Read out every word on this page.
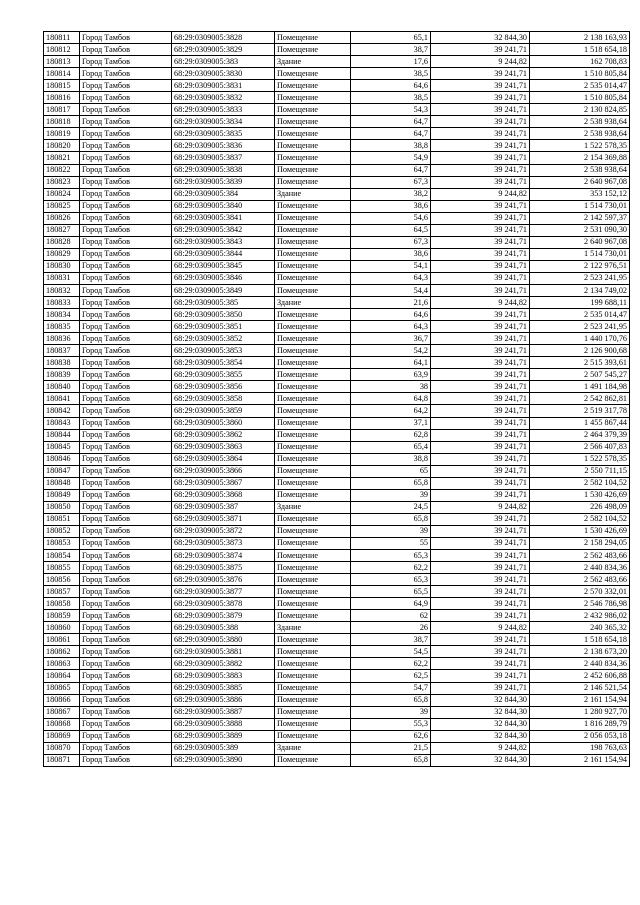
180811	Город Тамбов	68:29:0309005:3828	Помещение	65,1	32 844,30	2 138 163,93
180812	Город Тамбов	68:29:0309005:3829	Помещение	38,7	39 241,71	1 518 654,18
180813	Город Тамбов	68:29:0309005:383	Здание	17,6	9 244,82	162 708,83
180814	Город Тамбов	68:29:0309005:3830	Помещение	38,5	39 241,71	1 510 805,84
180815	Город Тамбов	68:29:0309005:3831	Помещение	64,6	39 241,71	2 535 014,47
180816	Город Тамбов	68:29:0309005:3832	Помещение	38,5	39 241,71	1 510 805,84
180817	Город Тамбов	68:29:0309005:3833	Помещение	54,3	39 241,71	2 130 824,85
180818	Город Тамбов	68:29:0309005:3834	Помещение	64,7	39 241,71	2 538 938,64
180819	Город Тамбов	68:29:0309005:3835	Помещение	64,7	39 241,71	2 538 938,64
180820	Город Тамбов	68:29:0309005:3836	Помещение	38,8	39 241,71	1 522 578,35
180821	Город Тамбов	68:29:0309005:3837	Помещение	54,9	39 241,71	2 154 369,88
180822	Город Тамбов	68:29:0309005:3838	Помещение	64,7	39 241,71	2 538 938,64
180823	Город Тамбов	68:29:0309005:3839	Помещение	67,3	39 241,71	2 640 967,08
180824	Город Тамбов	68:29:0309005:384	Здание	38,2	9 244,82	353 152,12
180825	Город Тамбов	68:29:0309005:3840	Помещение	38,6	39 241,71	1 514 730,01
180826	Город Тамбов	68:29:0309005:3841	Помещение	54,6	39 241,71	2 142 597,37
180827	Город Тамбов	68:29:0309005:3842	Помещение	64,5	39 241,71	2 531 090,30
180828	Город Тамбов	68:29:0309005:3843	Помещение	67,3	39 241,71	2 640 967,08
180829	Город Тамбов	68:29:0309005:3844	Помещение	38,6	39 241,71	1 514 730,01
180830	Город Тамбов	68:29:0309005:3845	Помещение	54,1	39 241,71	2 122 976,51
180831	Город Тамбов	68:29:0309005:3846	Помещение	64,3	39 241,71	2 523 241,95
180832	Город Тамбов	68:29:0309005:3849	Помещение	54,4	39 241,71	2 134 749,02
180833	Город Тамбов	68:29:0309005:385	Здание	21,6	9 244,82	199 688,11
180834	Город Тамбов	68:29:0309005:3850	Помещение	64,6	39 241,71	2 535 014,47
180835	Город Тамбов	68:29:0309005:3851	Помещение	64,3	39 241,71	2 523 241,95
180836	Город Тамбов	68:29:0309005:3852	Помещение	36,7	39 241,71	1 440 170,76
180837	Город Тамбов	68:29:0309005:3853	Помещение	54,2	39 241,71	2 126 900,68
180838	Город Тамбов	68:29:0309005:3854	Помещение	64,1	39 241,71	2 515 393,61
180839	Город Тамбов	68:29:0309005:3855	Помещение	63,9	39 241,71	2 507 545,27
180840	Город Тамбов	68:29:0309005:3856	Помещение	38	39 241,71	1 491 184,98
180841	Город Тамбов	68:29:0309005:3858	Помещение	64,8	39 241,71	2 542 862,81
180842	Город Тамбов	68:29:0309005:3859	Помещение	64,2	39 241,71	2 519 317,78
180843	Город Тамбов	68:29:0309005:3860	Помещение	37,1	39 241,71	1 455 867,44
180844	Город Тамбов	68:29:0309005:3862	Помещение	62,8	39 241,71	2 464 379,39
180845	Город Тамбов	68:29:0309005:3863	Помещение	65,4	39 241,71	2 566 407,83
180846	Город Тамбов	68:29:0309005:3864	Помещение	38,8	39 241,71	1 522 578,35
180847	Город Тамбов	68:29:0309005:3866	Помещение	65	39 241,71	2 550 711,15
180848	Город Тамбов	68:29:0309005:3867	Помещение	65,8	39 241,71	2 582 104,52
180849	Город Тамбов	68:29:0309005:3868	Помещение	39	39 241,71	1 530 426,69
180850	Город Тамбов	68:29:0309005:387	Здание	24,5	9 244,82	226 498,09
180851	Город Тамбов	68:29:0309005:3871	Помещение	65,8	39 241,71	2 582 104,52
180852	Город Тамбов	68:29:0309005:3872	Помещение	39	39 241,71	1 530 426,69
180853	Город Тамбов	68:29:0309005:3873	Помещение	55	39 241,71	2 158 294,05
180854	Город Тамбов	68:29:0309005:3874	Помещение	65,3	39 241,71	2 562 483,66
180855	Город Тамбов	68:29:0309005:3875	Помещение	62,2	39 241,71	2 440 834,36
180856	Город Тамбов	68:29:0309005:3876	Помещение	65,3	39 241,71	2 562 483,66
180857	Город Тамбов	68:29:0309005:3877	Помещение	65,5	39 241,71	2 570 332,01
180858	Город Тамбов	68:29:0309005:3878	Помещение	64,9	39 241,71	2 546 786,98
180859	Город Тамбов	68:29:0309005:3879	Помещение	62	39 241,71	2 432 986,02
180860	Город Тамбов	68:29:0309005:388	Здание	26	9 244,82	240 365,32
180861	Город Тамбов	68:29:0309005:3880	Помещение	38,7	39 241,71	1 518 654,18
180862	Город Тамбов	68:29:0309005:3881	Помещение	54,5	39 241,71	2 138 673,20
180863	Город Тамбов	68:29:0309005:3882	Помещение	62,2	39 241,71	2 440 834,36
180864	Город Тамбов	68:29:0309005:3883	Помещение	62,5	39 241,71	2 452 606,88
180865	Город Тамбов	68:29:0309005:3885	Помещение	54,7	39 241,71	2 146 521,54
180866	Город Тамбов	68:29:0309005:3886	Помещение	65,8	32 844,30	2 161 154,94
180867	Город Тамбов	68:29:0309005:3887	Помещение	39	32 844,30	1 280 927,70
180868	Город Тамбов	68:29:0309005:3888	Помещение	55,3	32 844,30	1 816 289,79
180869	Город Тамбов	68:29:0309005:3889	Помещение	62,6	32 844,30	2 056 053,18
180870	Город Тамбов	68:29:0309005:389	Здание	21,5	9 244,82	198 763,63
180871	Город Тамбов	68:29:0309005:3890	Помещение	65,8	32 844,30	2 161 154,94
